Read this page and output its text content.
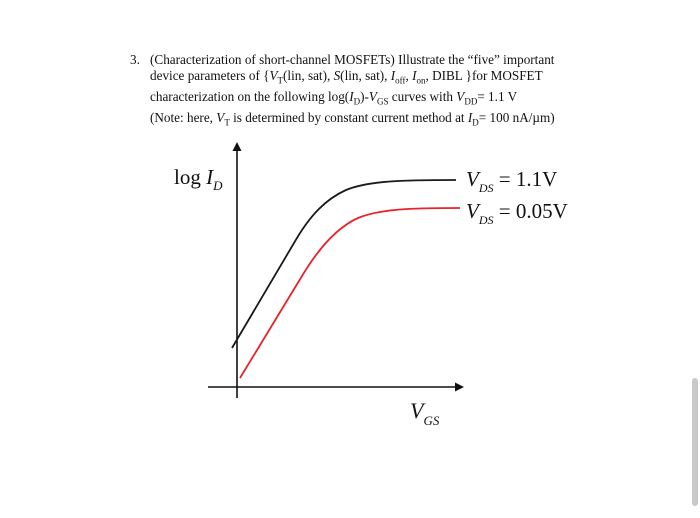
3. (Characterization of short-channel MOSFETs) Illustrate the “five” important
device parameters of {$V_T(lin$, sat), S(lin, sat), $I_{off}$, $I_{on}$, DIBL }for MOSFET
characterization on the following $\log(I_D)-V_{GS}$ curves with $V_{DD}= 1.1$ V
(Note: here, $V_T$ is determined by constant current method at $I_D= 100$ nA/µm)
$\log I_D$
$V_{GS}$
$V_{DS} = 1.1V$
$V_{DS} = 0.05V$
